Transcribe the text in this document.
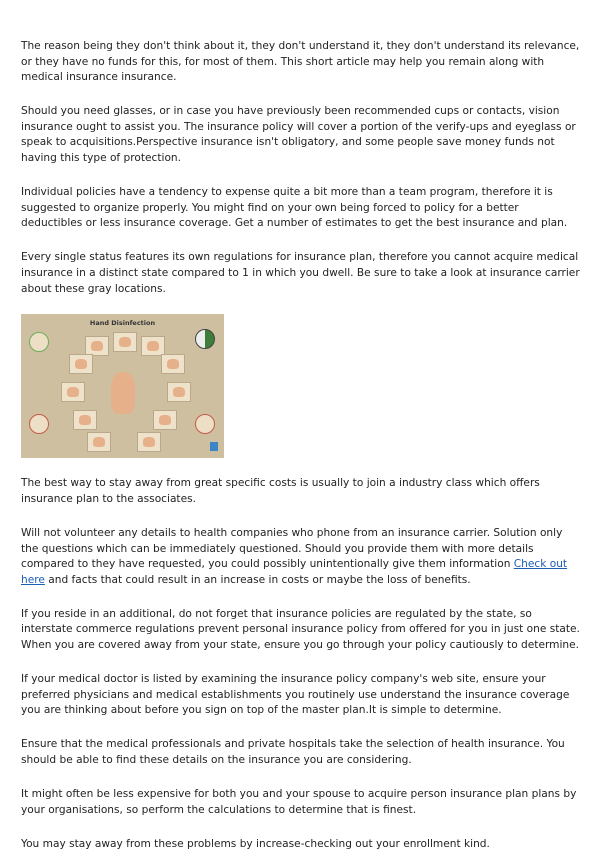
The reason being they don't think about it, they don't understand it, they don't understand its relevance, or they have no funds for this, for most of them. This short article may help you remain along with medical insurance insurance.

Should you need glasses, or in case you have previously been recommended cups or contacts, vision insurance ought to assist you. The insurance policy will cover a portion of the verify-ups and eyeglass or speak to acquisitions.Perspective insurance isn't obligatory, and some people save money funds not having this type of protection.

Individual policies have a tendency to expense quite a bit more than a team program, therefore it is suggested to organize properly. You might find on your own being forced to policy for a better deductibles or less insurance coverage. Get a number of estimates to get the best insurance and plan.

Every single status features its own regulations for insurance plan, therefore you cannot acquire medical insurance in a distinct state compared to 1 in which you dwell. Be sure to take a look at insurance carrier about these gray locations.

Hand Disinfection

The best way to stay away from great specific costs is usually to join a industry class which offers insurance plan to the associates.

Will not volunteer any details to health companies who phone from an insurance carrier. Solution only the questions which can be immediately questioned. Should you provide them with more details compared to they have requested, you could possibly unintentionally give them information Check out here and facts that could result in an increase in costs or maybe the loss of benefits.

If you reside in an additional, do not forget that insurance policies are regulated by the state, so interstate commerce regulations prevent personal insurance policy from offered for you in just one state. When you are covered away from your state, ensure you go through your policy cautiously to determine.

If your medical doctor is listed by examining the insurance policy company's web site, ensure your preferred physicians and medical establishments you routinely use understand the insurance coverage you are thinking about before you sign on top of the master plan.It is simple to determine.

Ensure that the medical professionals and private hospitals take the selection of health insurance. You should be able to find these details on the insurance you are considering.

It might often be less expensive for both you and your spouse to acquire person insurance plan plans by your organisations, so perform the calculations to determine that is finest.

You may stay away from these problems by increase-checking out your enrollment kind.
